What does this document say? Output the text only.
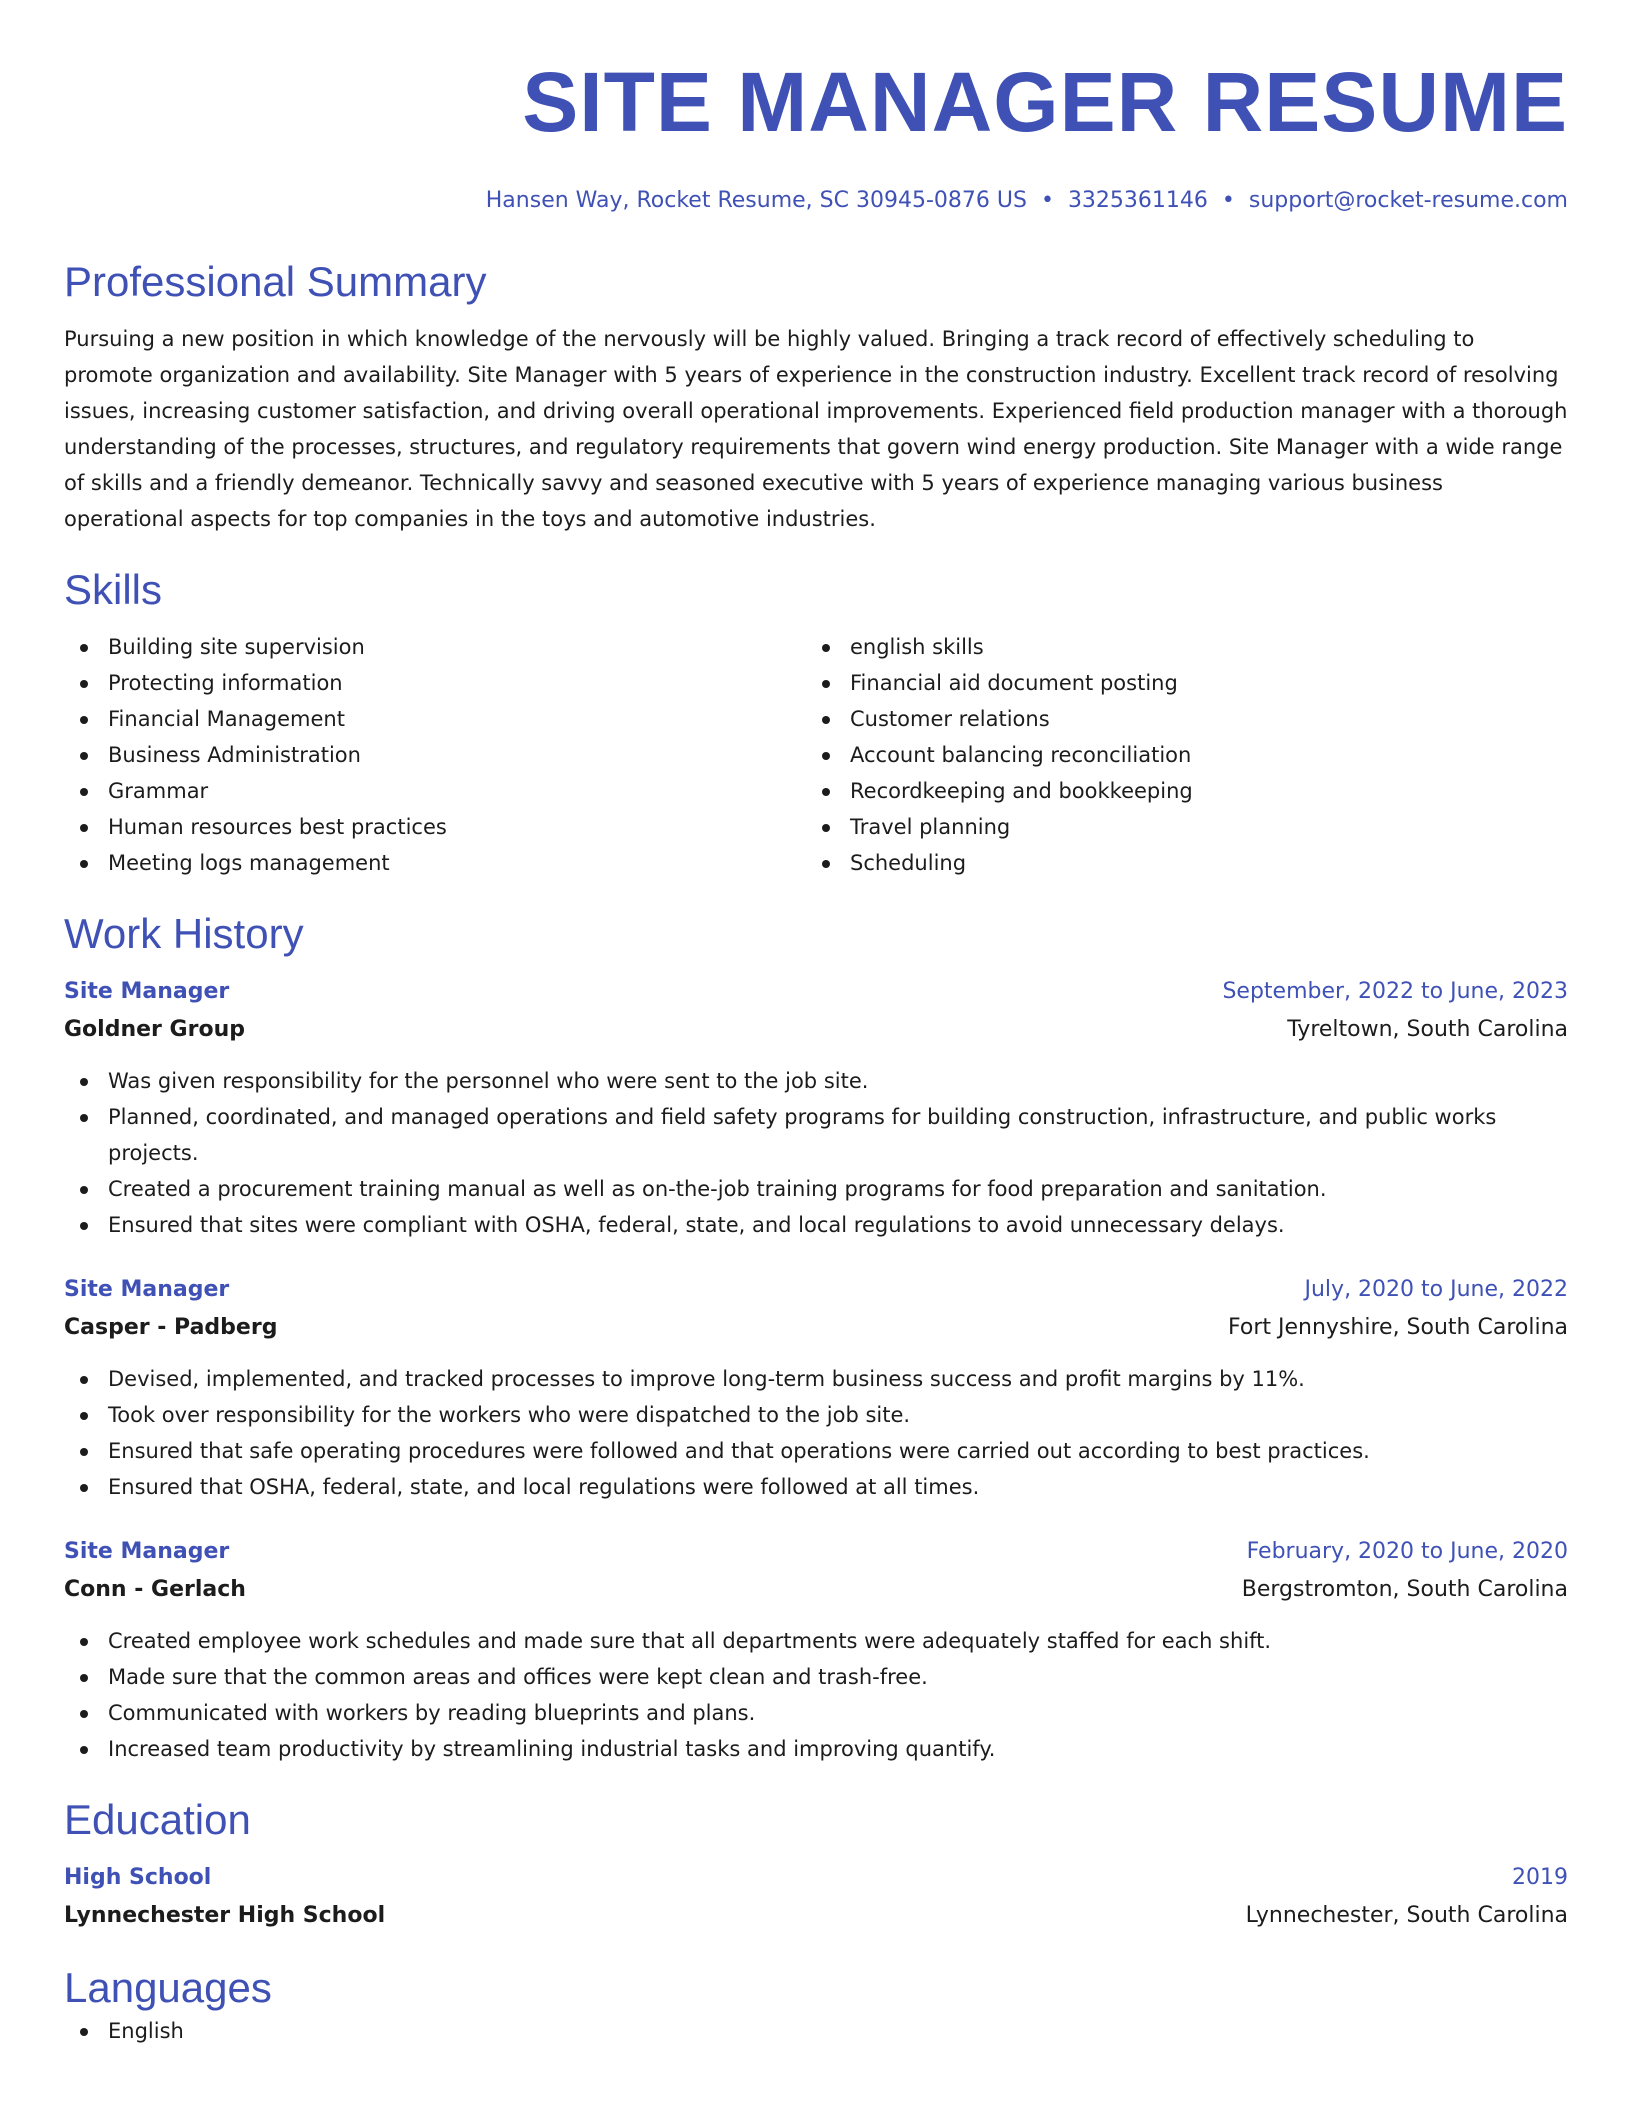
SITE MANAGER RESUME
Hansen Way, Rocket Resume, SC 30945-0876 US • 3325361146 • support@rocket-resume.com
Professional Summary

Pursuing a new position in which knowledge of the nervously will be highly valued. Bringing a track record of effectively scheduling to promote organization and availability. Site Manager with 5 years of experience in the construction industry. Excellent track record of resolving issues, increasing customer satisfaction, and driving overall operational improvements. Experienced field production manager with a thorough understanding of the processes, structures, and regulatory requirements that govern wind energy production. Site Manager with a wide range of skills and a friendly demeanor. Technically savvy and seasoned executive with 5 years of experience managing various business operational aspects for top companies in the toys and automotive industries.

Skills
Building site supervision
Protecting information
Financial Management
Business Administration
Grammar
Human resources best practices
Meeting logs management
english skills
Financial aid document posting
Customer relations
Account balancing reconciliation
Recordkeeping and bookkeeping
Travel planning
Scheduling
Work History
Site Manager	September, 2022 to June, 2023
Goldner Group	Tyreltown, South Carolina
Was given responsibility for the personnel who were sent to the job site.
Planned, coordinated, and managed operations and field safety programs for building construction, infrastructure, and public works projects.
Created a procurement training manual as well as on-the-job training programs for food preparation and sanitation.
Ensured that sites were compliant with OSHA, federal, state, and local regulations to avoid unnecessary delays.
Site Manager	July, 2020 to June, 2022
Casper - Padberg	Fort Jennyshire, South Carolina
Devised, implemented, and tracked processes to improve long-term business success and profit margins by 11%.
Took over responsibility for the workers who were dispatched to the job site.
Ensured that safe operating procedures were followed and that operations were carried out according to best practices.
Ensured that OSHA, federal, state, and local regulations were followed at all times.
Site Manager	February, 2020 to June, 2020
Conn - Gerlach	Bergstromton, South Carolina
Created employee work schedules and made sure that all departments were adequately staffed for each shift.
Made sure that the common areas and offices were kept clean and trash-free.
Communicated with workers by reading blueprints and plans.
Increased team productivity by streamlining industrial tasks and improving quantify.
Education
High School	2019
Lynnechester High School	Lynnechester, South Carolina
Languages
English
